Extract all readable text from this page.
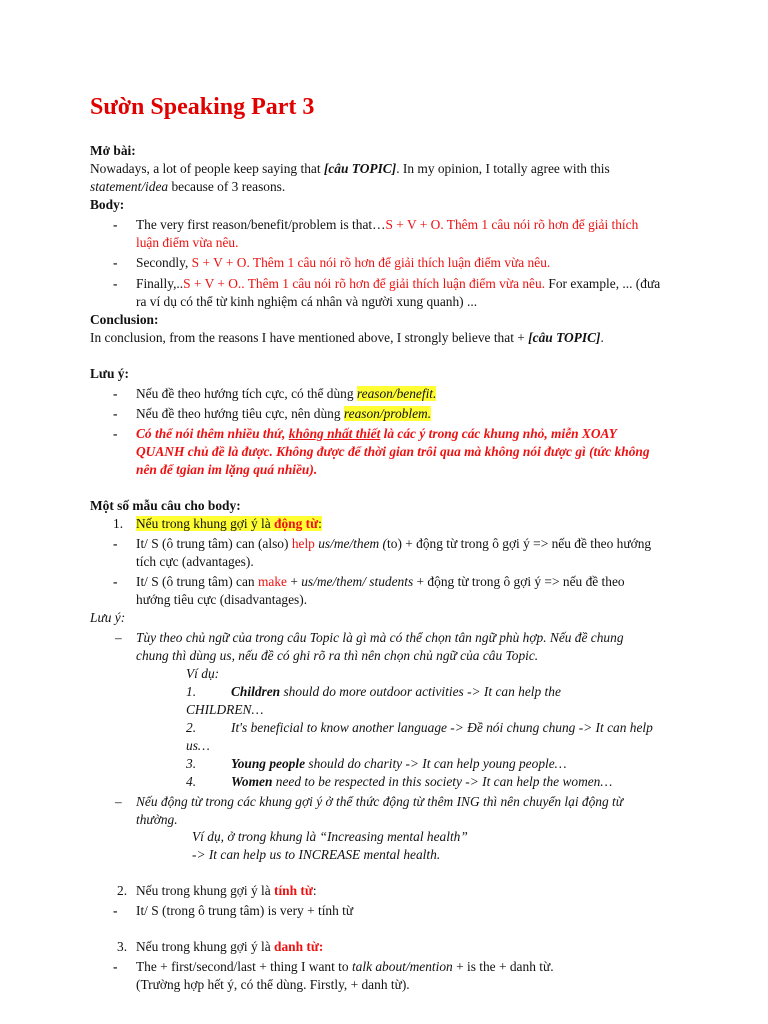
Sườn Speaking Part 3
Mở bài:
Nowadays, a lot of people keep saying that [câu TOPIC]. In my opinion, I totally agree with this
statement/idea because of 3 reasons.
Body:
- The very first reason/benefit/problem is that…S + V + O. Thêm 1 câu nói rõ hơn để giải thích
luận điểm vừa nêu.
- Secondly, S + V + O. Thêm 1 câu nói rõ hơn để giải thích luận điểm vừa nêu.
- Finally,..S + V + O.. Thêm 1 câu nói rõ hơn để giải thích luận điểm vừa nêu. For example, ... (đưa
ra ví dụ có thể từ kinh nghiệm cá nhân và người xung quanh) ...
Conclusion:
In conclusion, from the reasons I have mentioned above, I strongly believe that + [câu TOPIC].
Lưu ý:
- Nếu đề theo hướng tích cực, có thể dùng reason/benefit.
- Nếu đề theo hướng tiêu cực, nên dùng reason/problem.
- Có thể nói thêm nhiều thứ, không nhất thiết là các ý trong các khung nhỏ, miễn XOAY
QUANH chủ đề là được. Không được để thời gian trôi qua mà không nói được gì (tức không
nên để tgian im lặng quá nhiều).
Một số mẫu câu cho body:
1. Nếu trong khung gợi ý là động từ:
- It/ S (ô trung tâm) can (also) help us/me/them (to) + động từ trong ô gợi ý => nếu đề theo hướng
tích cực (advantages).
- It/ S (ô trung tâm) can make + us/me/them/ students + động từ trong ô gợi ý => nếu đề theo
hướng tiêu cực (disadvantages).
Lưu ý:
– Tùy theo chủ ngữ của trong câu Topic là gì mà có thể chọn tân ngữ phù hợp. Nếu đề chung
chung thì dùng us, nếu đề có ghi rõ ra thì nên chọn chủ ngữ của câu Topic.
Ví dụ:
1.	Children should do more outdoor activities -> It can help the
CHILDREN…
2.	It's beneficial to know another language -> Đề nói chung chung -> It can help
us…
3.	Young people should do charity -> It can help young people…
4.	Women need to be respected in this society -> It can help the women…
– Nếu động từ trong các khung gợi ý ở thể thức động từ thêm ING thì nên chuyển lại động từ
thường.
Ví dụ, ở trong khung là “Increasing mental health”
-> It can help us to INCREASE mental health.
2. Nếu trong khung gợi ý là tính từ:
- It/ S (trong ô trung tâm) is very + tính từ
3. Nếu trong khung gợi ý là danh từ:
- The + first/second/last + thing I want to talk about/mention + is the + danh từ.
(Trường hợp hết ý, có thể dùng. Firstly, + danh từ).
